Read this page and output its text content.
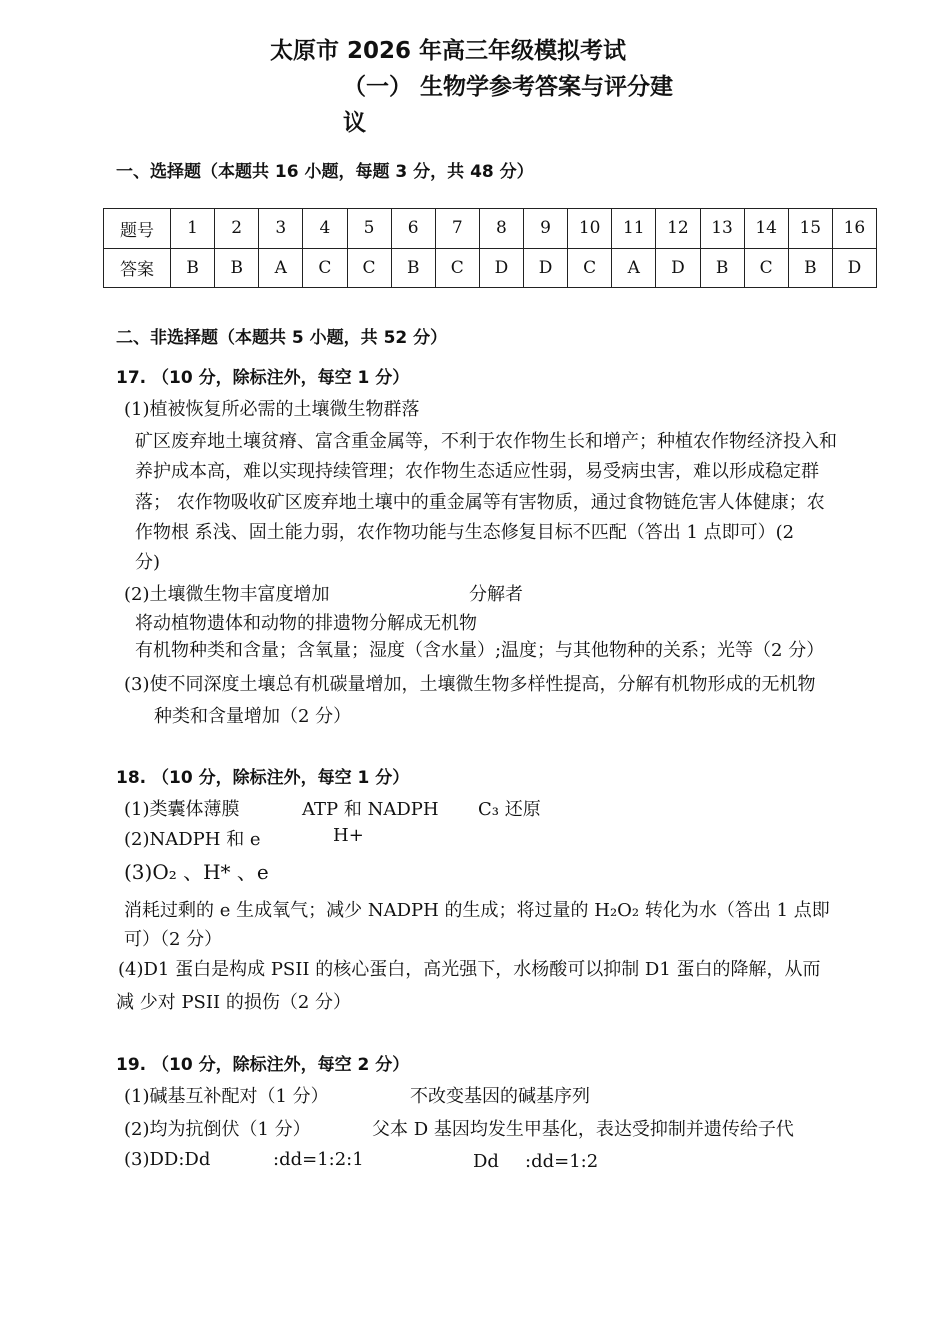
太原市 2026 年高三年级模拟考试
（一） 生物学参考答案与评分建
议
一、选择题（本题共 16 小题，每题 3 分，共 48 分）
题号	1	2	3	4	5	6	7	8	9	10	11	12	13	14	15	16
答案	B	B	A	C	C	B	C	D	D	C	A	D	B	C	B	D
二、非选择题（本题共 5 小题，共 52 分）
17. （10 分，除标注外，每空 1 分）
(1)植被恢复所必需的土壤微生物群落
矿区废弃地土壤贫瘠、富含重金属等，不利于农作物生长和增产；种植农作物经济投入和
养护成本高，难以实现持续管理；农作物生态适应性弱，易受病虫害，难以形成稳定群
落； 农作物吸收矿区废弃地土壤中的重金属等有害物质，通过食物链危害人体健康；农
作物根 系浅、固土能力弱，农作物功能与生态修复目标不匹配（答出 1 点即可）(2
分)
(2)土壤微生物丰富度增加	分解者
将动植物遗体和动物的排遗物分解成无机物
有机物种类和含量；含氧量；湿度（含水量）;温度；与其他物种的关系；光等（2 分）
(3)使不同深度土壤总有机碳量增加，土壤微生物多样性提高，分解有机物形成的无机物
种类和含量增加（2 分）
18. （10 分，除标注外，每空 1 分）
(1)类囊体薄膜	ATP 和 NADPH C₃ 还原
(2)NADPH 和 e	H+
(3)O₂ 、H* 、e
消耗过剩的 e 生成氧气；减少 NADPH 的生成；将过量的 H₂O₂ 转化为水（答出 1 点即
可）（2 分）
(4)D1 蛋白是构成 PSII 的核心蛋白，高光强下，水杨酸可以抑制 D1 蛋白的降解，从而
减 少对 PSII 的损伤（2 分）
19. （10 分，除标注外，每空 2 分）
(1)碱基互补配对（1 分）	不改变基因的碱基序列
(2)均为抗倒伏（1 分）	父本 D 基因均发生甲基化，表达受抑制并遗传给子代
(3)DD:Dd	:dd=1:2:1	Dd :dd=1:2
